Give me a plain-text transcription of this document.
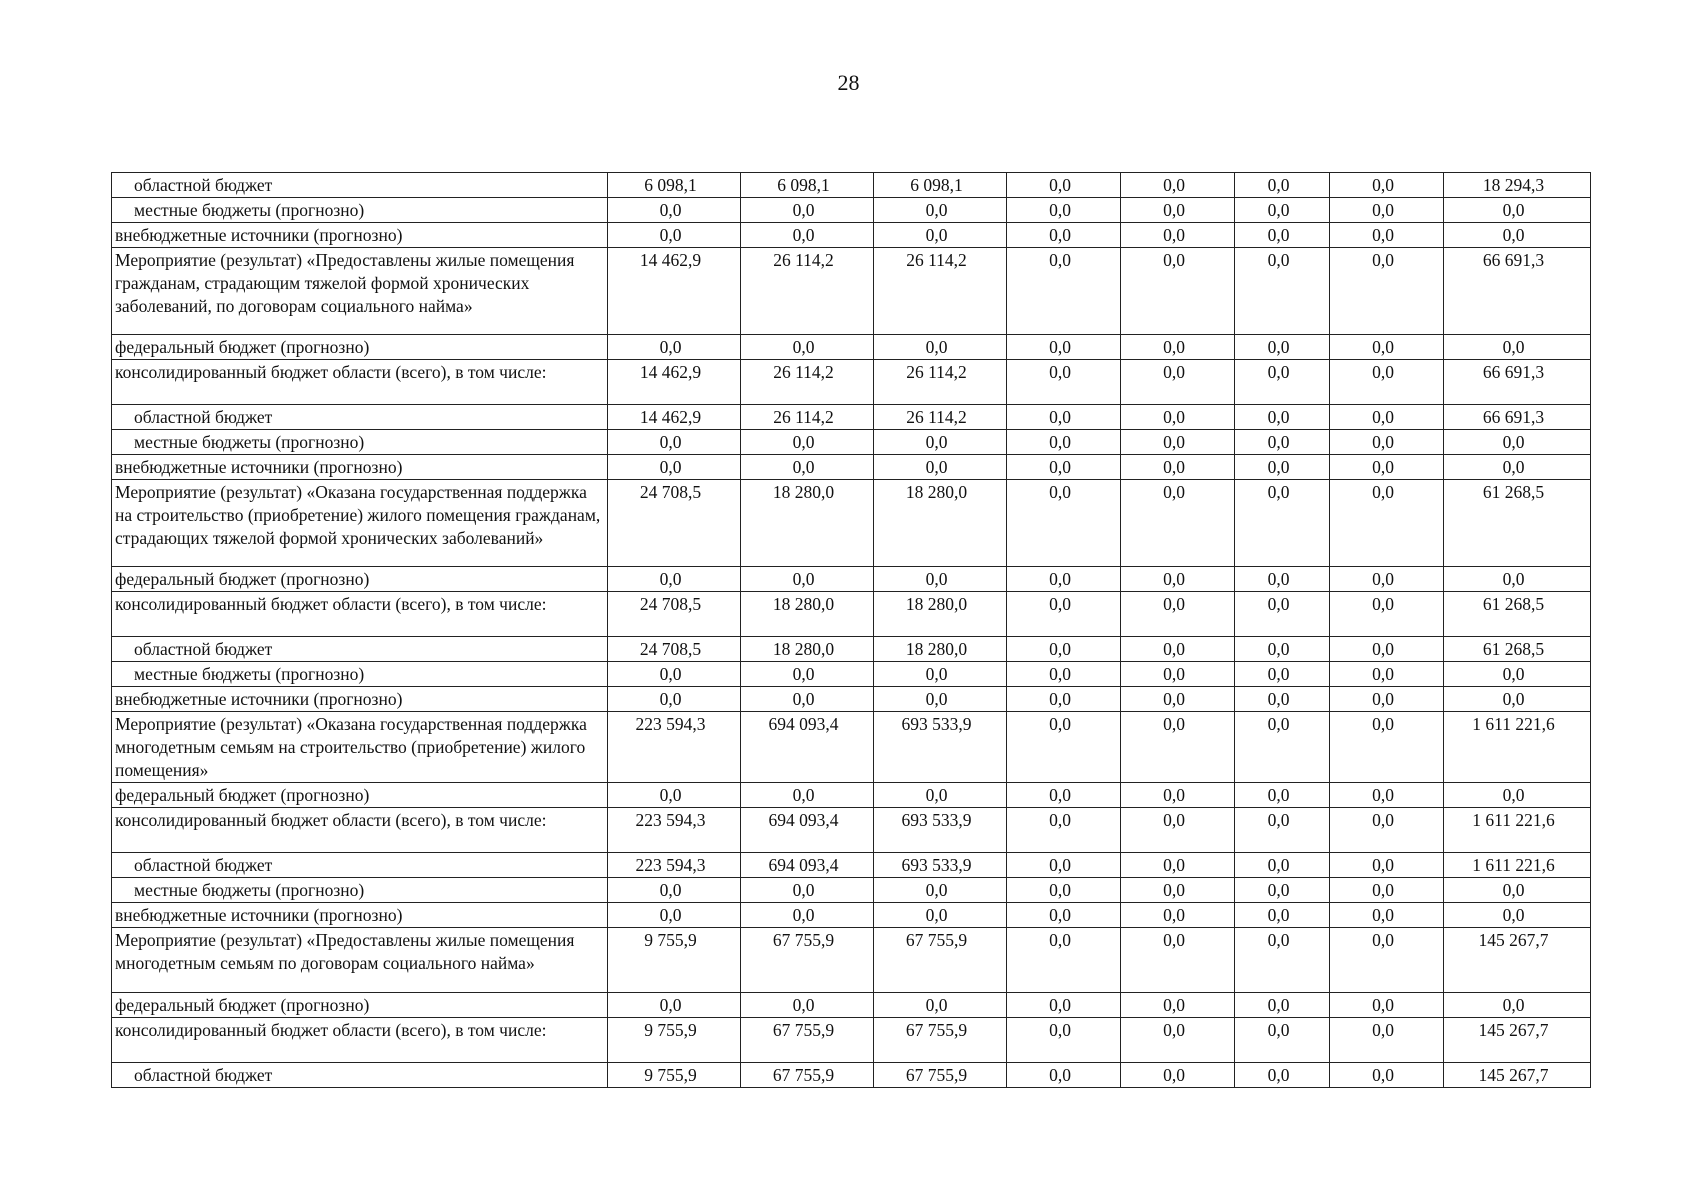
28
областной бюджет	6 098,1	6 098,1	6 098,1	0,0	0,0	0,0	0,0	18 294,3
местные бюджеты (прогнозно)	0,0	0,0	0,0	0,0	0,0	0,0	0,0	0,0
внебюджетные источники (прогнозно)	0,0	0,0	0,0	0,0	0,0	0,0	0,0	0,0
Мероприятие (результат) «Предоставлены жилые помещения гражданам, страдающим тяжелой формой хронических заболеваний, по договорам социального найма»	14 462,9	26 114,2	26 114,2	0,0	0,0	0,0	0,0	66 691,3
федеральный бюджет (прогнозно)	0,0	0,0	0,0	0,0	0,0	0,0	0,0	0,0
консолидированный бюджет области (всего), в том числе:	14 462,9	26 114,2	26 114,2	0,0	0,0	0,0	0,0	66 691,3
областной бюджет	14 462,9	26 114,2	26 114,2	0,0	0,0	0,0	0,0	66 691,3
местные бюджеты (прогнозно)	0,0	0,0	0,0	0,0	0,0	0,0	0,0	0,0
внебюджетные источники (прогнозно)	0,0	0,0	0,0	0,0	0,0	0,0	0,0	0,0
Мероприятие (результат) «Оказана государственная поддержка на строительство (приобретение) жилого помещения гражданам, страдающих тяжелой формой хронических заболеваний»	24 708,5	18 280,0	18 280,0	0,0	0,0	0,0	0,0	61 268,5
федеральный бюджет (прогнозно)	0,0	0,0	0,0	0,0	0,0	0,0	0,0	0,0
консолидированный бюджет области (всего), в том числе:	24 708,5	18 280,0	18 280,0	0,0	0,0	0,0	0,0	61 268,5
областной бюджет	24 708,5	18 280,0	18 280,0	0,0	0,0	0,0	0,0	61 268,5
местные бюджеты (прогнозно)	0,0	0,0	0,0	0,0	0,0	0,0	0,0	0,0
внебюджетные источники (прогнозно)	0,0	0,0	0,0	0,0	0,0	0,0	0,0	0,0
Мероприятие (результат) «Оказана государственная поддержка многодетным семьям на строительство (приобретение) жилого помещения»	223 594,3	694 093,4	693 533,9	0,0	0,0	0,0	0,0	1 611 221,6
федеральный бюджет (прогнозно)	0,0	0,0	0,0	0,0	0,0	0,0	0,0	0,0
консолидированный бюджет области (всего), в том числе:	223 594,3	694 093,4	693 533,9	0,0	0,0	0,0	0,0	1 611 221,6
областной бюджет	223 594,3	694 093,4	693 533,9	0,0	0,0	0,0	0,0	1 611 221,6
местные бюджеты (прогнозно)	0,0	0,0	0,0	0,0	0,0	0,0	0,0	0,0
внебюджетные источники (прогнозно)	0,0	0,0	0,0	0,0	0,0	0,0	0,0	0,0
Мероприятие (результат) «Предоставлены жилые помещения многодетным семьям по договорам социального найма»	9 755,9	67 755,9	67 755,9	0,0	0,0	0,0	0,0	145 267,7
федеральный бюджет (прогнозно)	0,0	0,0	0,0	0,0	0,0	0,0	0,0	0,0
консолидированный бюджет области (всего), в том числе:	9 755,9	67 755,9	67 755,9	0,0	0,0	0,0	0,0	145 267,7
областной бюджет	9 755,9	67 755,9	67 755,9	0,0	0,0	0,0	0,0	145 267,7
